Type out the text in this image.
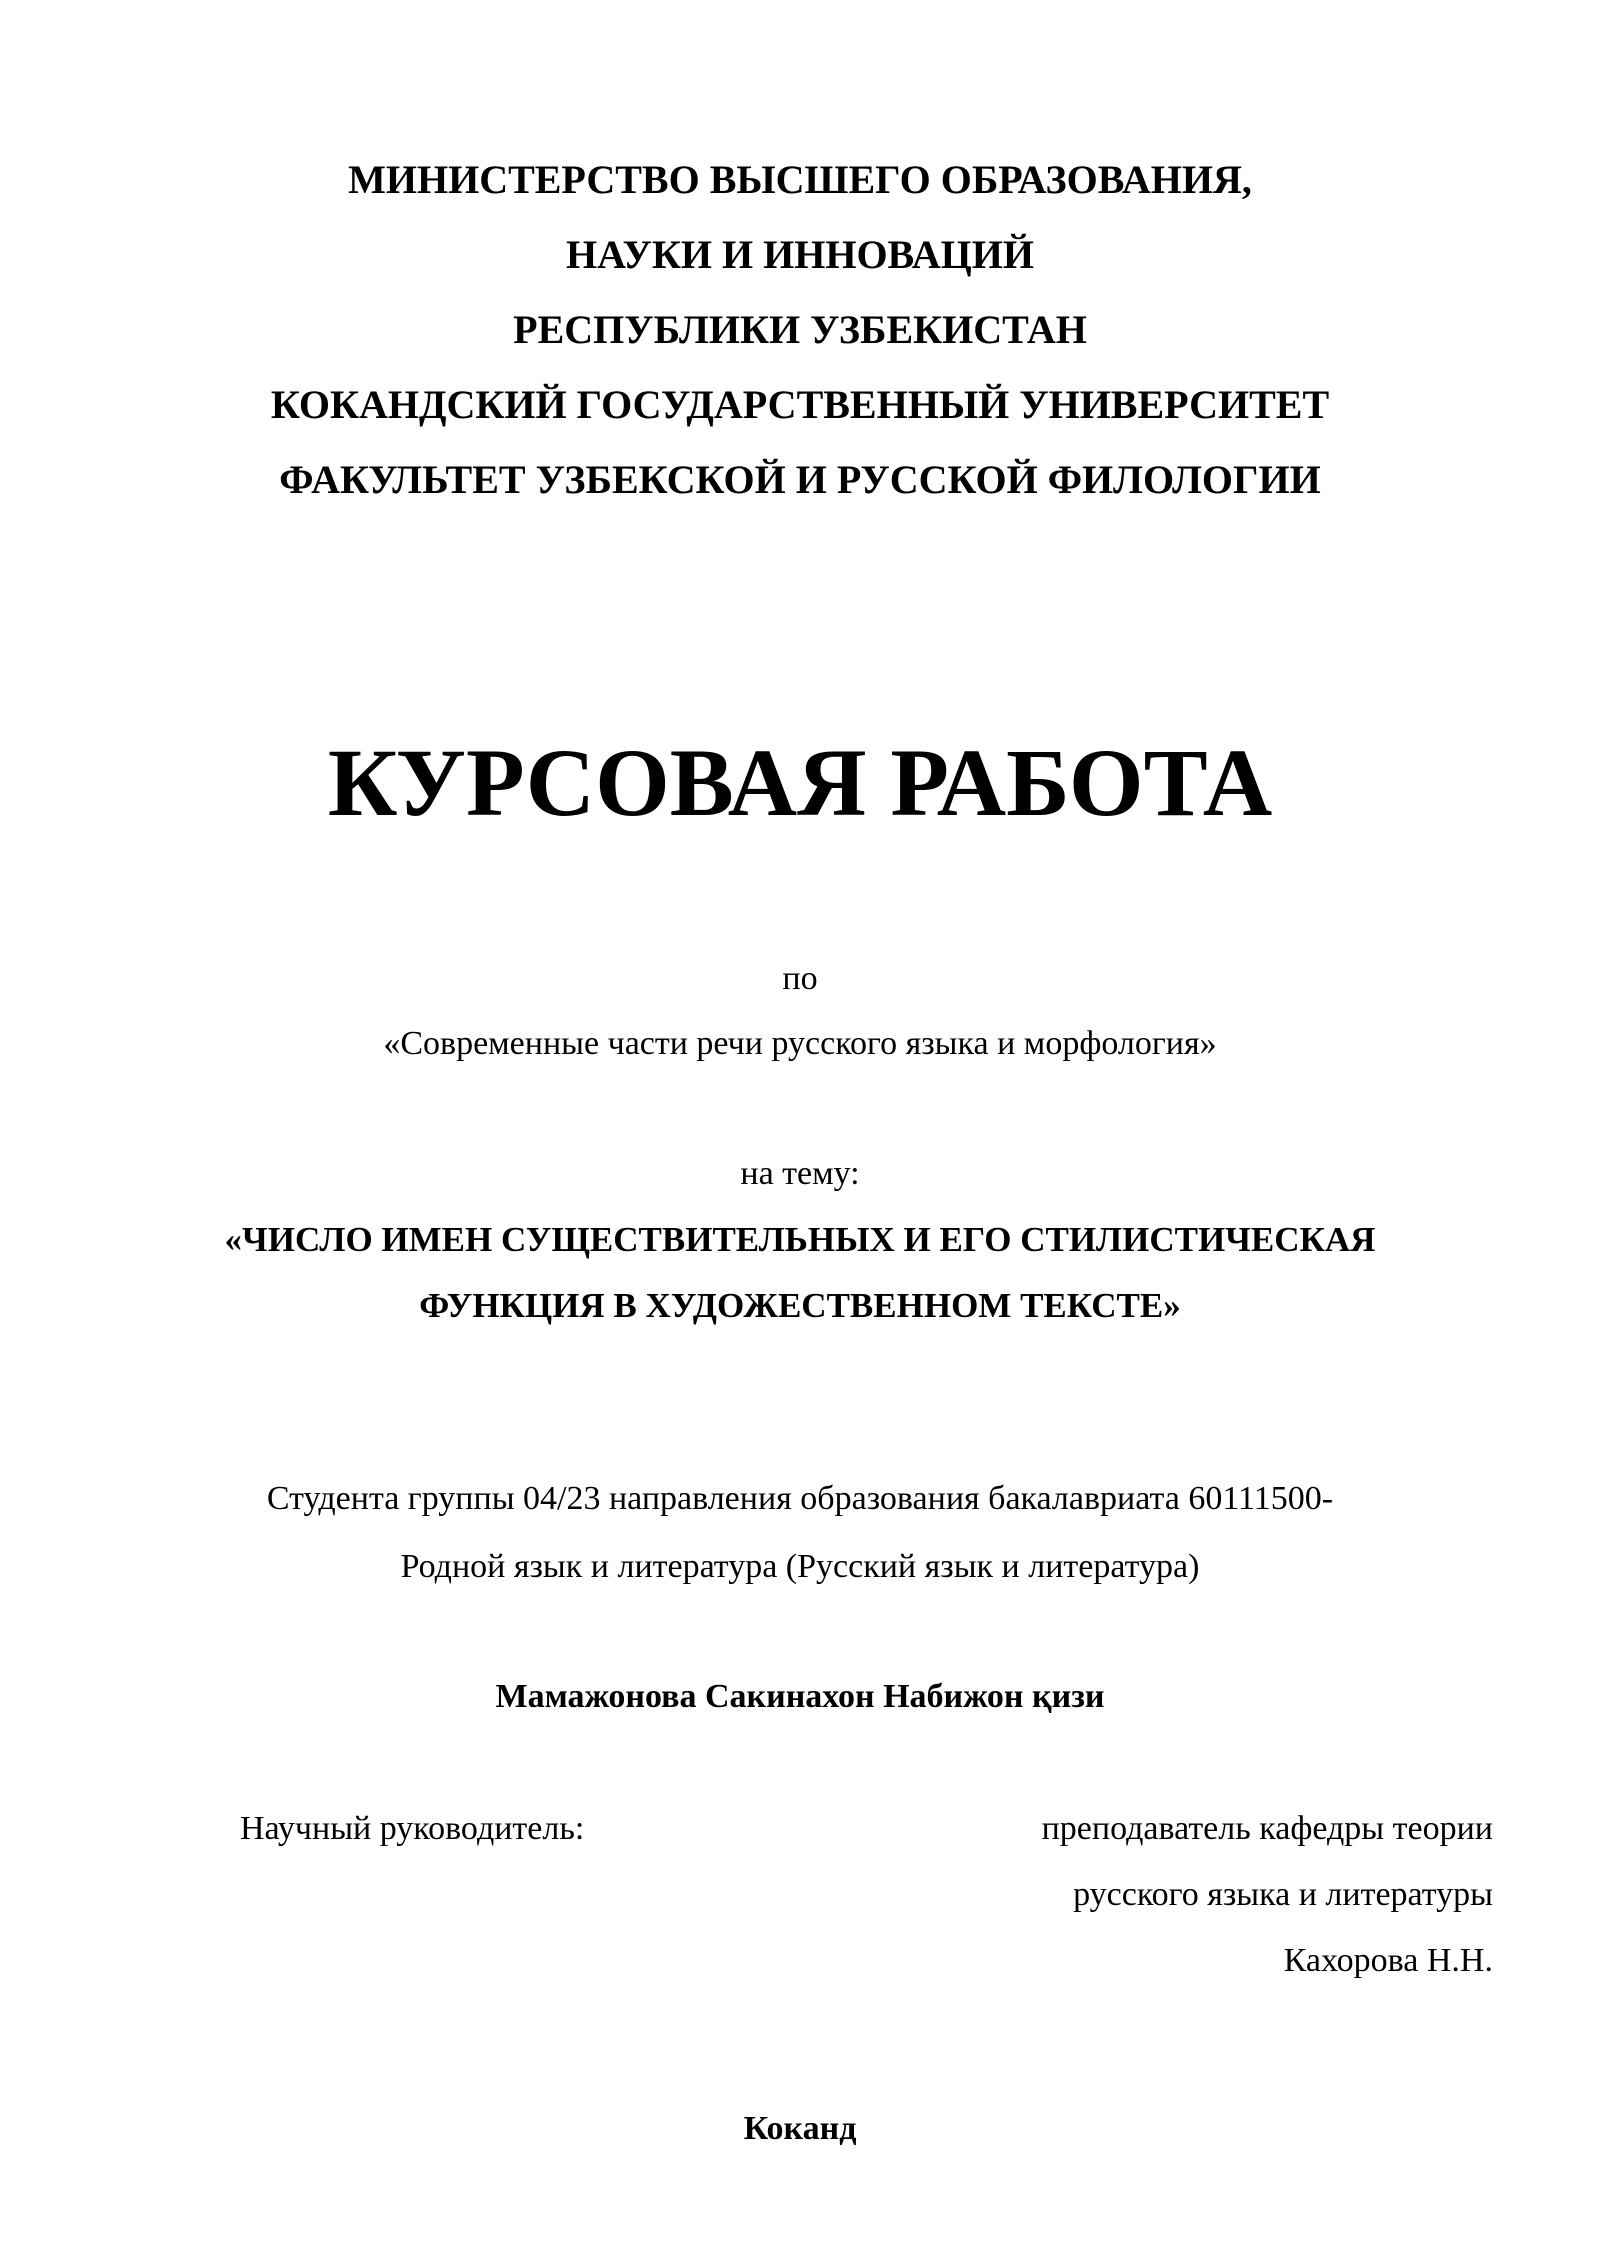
МИНИСТЕРСТВО ВЫСШЕГО ОБРАЗОВАНИЯ,
НАУКИ И ИННОВАЦИЙ
РЕСПУБЛИКИ УЗБЕКИСТАН
КОКАНДСКИЙ ГОСУДАРСТВЕННЫЙ УНИВЕРСИТЕТ
ФАКУЛЬТЕТ УЗБЕКСКОЙ И РУССКОЙ ФИЛОЛОГИИ
КУРСОВАЯ РАБОТА
по
«Современные части речи русского языка и морфология»
на тему:
«ЧИСЛО ИМЕН СУЩЕСТВИТЕЛЬНЫХ И ЕГО СТИЛИСТИЧЕСКАЯ
ФУНКЦИЯ В ХУДОЖЕСТВЕННОМ ТЕКСТЕ»
Студента группы 04/23 направления образования бакалавриата 60111500-
Родной язык и литература (Русский язык и литература)
Мамажонова Сакинахон Набижон қизи
Научный руководитель:	преподаватель кафедры теории
русского языка и литературы
Кахорова Н.Н.
Коканд
